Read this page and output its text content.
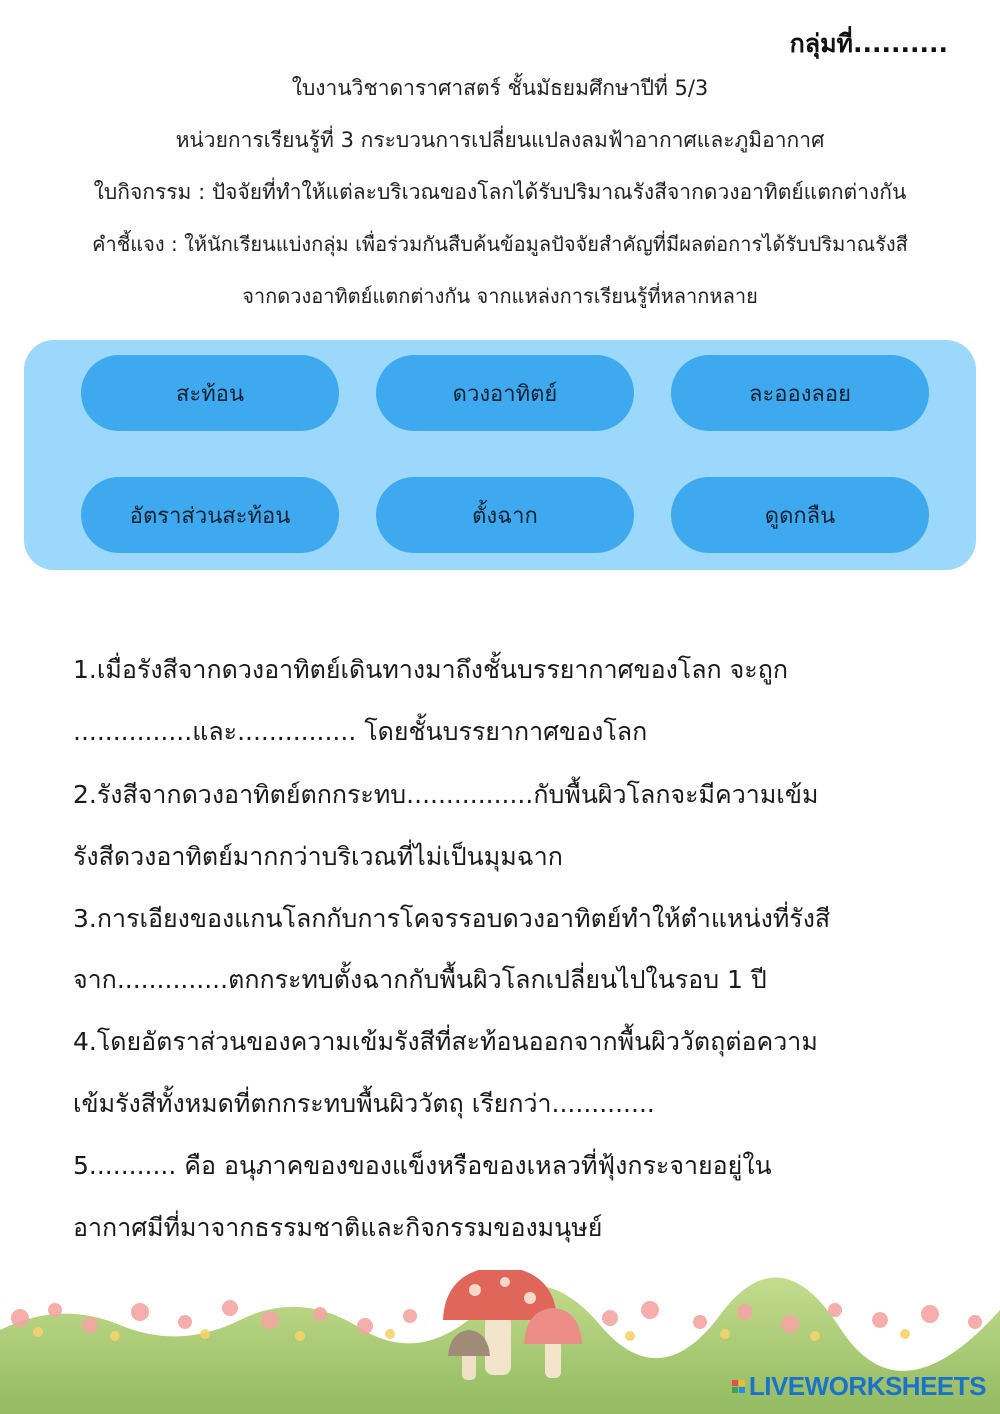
กลุ่มที่..........
ใบงานวิชาดาราศาสตร์ ชั้นมัธยมศึกษาปีที่ 5/3
หน่วยการเรียนรู้ที่ 3 กระบวนการเปลี่ยนแปลงลมฟ้าอากาศและภูมิอากาศ
ใบกิจกรรม : ปัจจัยที่ทำให้แต่ละบริเวณของโลกได้รับปริมาณรังสีจากดวงอาทิตย์แตกต่างกัน
คำชี้แจง : ให้นักเรียนแบ่งกลุ่ม เพื่อร่วมกันสืบค้นข้อมูลปัจจัยสำคัญที่มีผลต่อการได้รับปริมาณรังสี
จากดวงอาทิตย์แตกต่างกัน จากแหล่งการเรียนรู้ที่หลากหลาย
สะท้อน	ดวงอาทิตย์	ละอองลอย
อัตราส่วนสะท้อน	ตั้งฉาก	ดูดกลืน
1.เมื่อรังสีจากดวงอาทิตย์เดินทางมาถึงชั้นบรรยากาศของโลก จะถูก
...............และ............... โดยชั้นบรรยากาศของโลก
2.รังสีจากดวงอาทิตย์ตกกระทบ................กับพื้นผิวโลกจะมีความเข้ม
รังสีดวงอาทิตย์มากกว่าบริเวณที่ไม่เป็นมุมฉาก
3.การเอียงของแกนโลกกับการโคจรรอบดวงอาทิตย์ทำให้ตำแหน่งที่รังสี
จาก..............ตกกระทบตั้งฉากกับพื้นผิวโลกเปลี่ยนไปในรอบ 1 ปี
4.โดยอัตราส่วนของความเข้มรังสีที่สะท้อนออกจากพื้นผิววัตถุต่อความ
เข้มรังสีทั้งหมดที่ตกกระทบพื้นผิววัตถุ เรียกว่า.............
5........... คือ อนุภาคของของแข็งหรือของเหลวที่ฟุ้งกระจายอยู่ใน
อากาศมีที่มาจากธรรมชาติและกิจกรรมของมนุษย์
LIVEWORKSHEETS
